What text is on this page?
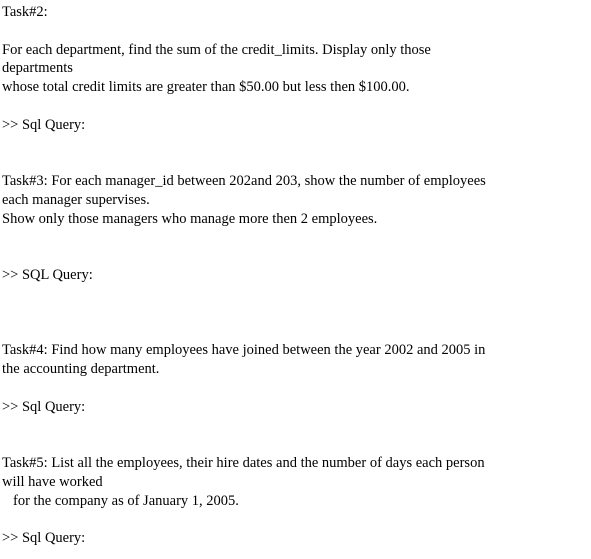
Task#2:
For each department, find the sum of the credit_limits. Display only those
departments
whose total credit limits are greater than $50.00 but less then $100.00.
>> Sql Query:
Task#3: For each manager_id between 202and 203, show the number of employees
each manager supervises.
Show only those managers who manage more then 2 employees.
>> SQL Query:
Task#4: Find how many employees have joined between the year 2002 and 2005 in
the accounting department.
>> Sql Query:
Task#5: List all the employees, their hire dates and the number of days each person
will have worked
for the company as of January 1, 2005.
>> Sql Query:
